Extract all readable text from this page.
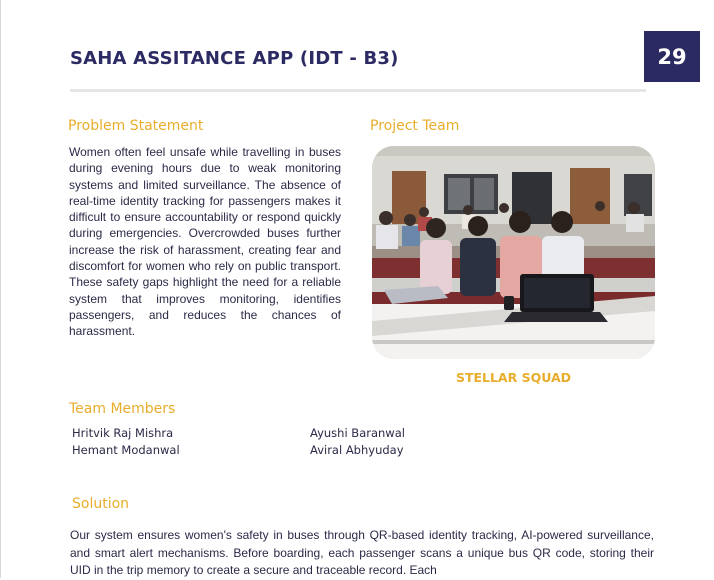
SAHA ASSITANCE APP (IDT - B3)	29
Problem Statement

Women often feel unsafe while travelling in buses during evening hours due to weak monitoring systems and limited surveillance. The absence of real-time identity tracking for passengers makes it difficult to ensure accountability or respond quickly during emergencies. Overcrowded buses further increase the risk of harassment, creating fear and discomfort for women who rely on public transport. These safety gaps highlight the need for a reliable system that improves monitoring, identifies passengers, and reduces the chances of harassment.

Project Team

STELLAR SQUAD

Team Members
Hritvik Raj Mishra	Ayushi Baranwal
Hemant Modanwal	Aviral Abhyuday
Solution

Our system ensures women's safety in buses through QR-based identity tracking, AI-powered surveillance, and smart alert mechanisms. Before boarding, each passenger scans a unique bus QR code, storing their UID in the trip memory to create a secure and traceable record. Each
